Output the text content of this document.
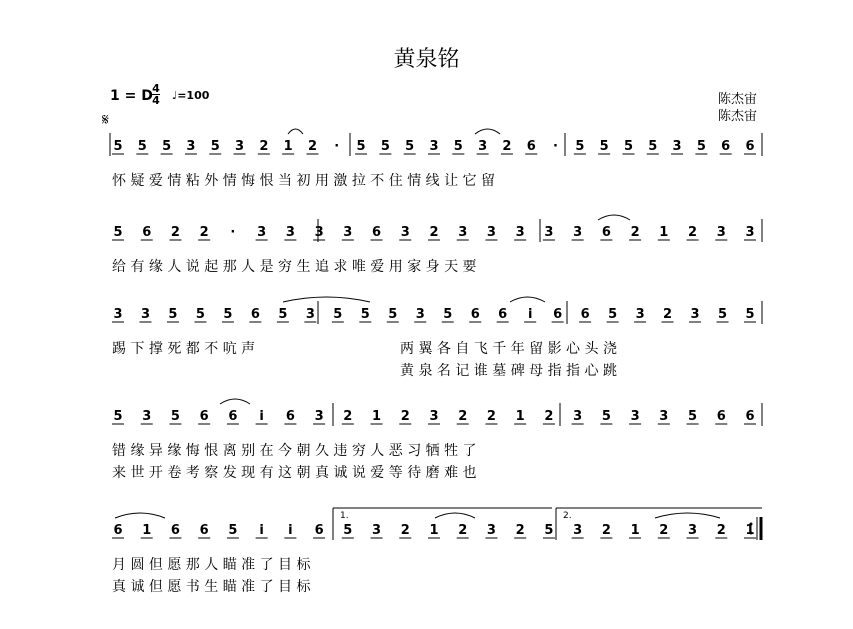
黄泉铭
1 = D 4
4 ♩=100	陈杰宙
陈杰宙
𝄋
5 5 5 3 5 3 2 1 2 · 5 5 5 3 5 3 2 6 · 5 5 5 5 3 5 6 6
5 6 2 2 · 3 3 3 3 6 3 2 3 3 3 3 3 6 2 1 2 3 3
3 3 5 5 5 6 5 3 5 5 5 3 5 6 6 i 6 6 5 3 2 3 5 5
5 3 5 6 6 i 6 3 2 1 2 3 2 2 1 2 3 5 3 3 5 6 6
6 1 6 6 5 i i 6 5 3 2 1 2 3 2 5 3 2 1 2 3 2 1
怀 疑 爱 情 粘 外 情 悔 恨 当 初 用 激 拉 不 住 情 线 让 它 留
给 有 缘 人 说 起 那 人 是 穷 生 追 求 唯 爱 用 家 身 天 要
踢 下 撑 死 都 不 吭 声	两 翼 各 自 飞 千 年 留 影 心 头 浇
黄 泉 名 记 谁 墓 碑 母 指 指 心 跳
错 缘 异 缘 悔 恨 离 别 在 今 朝 久 违 穷 人 恶 习 牺 牲 了
来 世 开 卷 考 察 发 现 有 这 朝 真 诚 说 爱 等 待 磨 难 也
月 圆 但 愿 那 人 瞄 准 了 目 标
真 诚 但 愿 书 生 瞄 准 了 目 标
1.	2.
